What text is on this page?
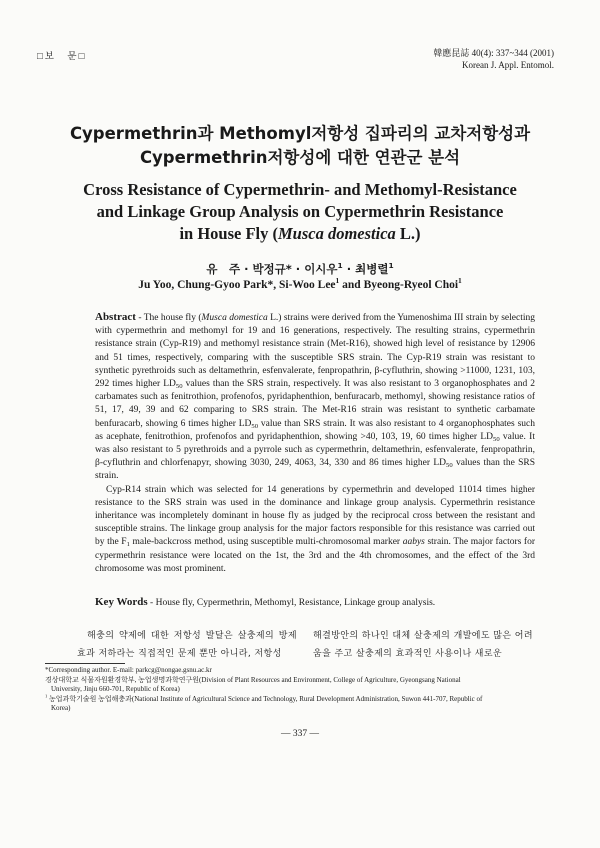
□보　문□	韓應昆誌 40(4): 337~344 (2001)
Korean J. Appl. Entomol.
Cypermethrin과 Methomyl저항성 집파리의 교차저항성과
Cypermethrin저항성에 대한 연관군 분석
Cross Resistance of Cypermethrin- and Methomyl-Resistance
and Linkage Group Analysis on Cypermethrin Resistance
in House Fly (Musca domestica L.)
유　주 · 박정규* · 이시우$^1$ · 최병렬$^1$
Ju Yoo, Chung-Gyoo Park*, Si-Woo Lee$^1$ and Byeong-Ryeol Choi$^1$

Abstract - The house fly (Musca domestica L.) strains were derived from the Yumenoshima III strain by selecting with cypermethrin and methomyl for 19 and 16 generations, respectively. The resulting strains, cypermethrin resistance strain (Cyp-R19) and methomyl resistance strain (Met-R16), showed high level of resistance by 12906 and 51 times, respectively, comparing with the susceptible SRS strain. The Cyp-R19 strain was resistant to synthetic pyrethroids such as deltamethrin, esfenvalerate, fenpropathrin, β-cyfluthrin, showing >11000, 1231, 103, 292 times higher $LD_{50}$ values than the SRS strain, respectively. It was also resistant to 3 organophosphates and 2 carbamates such as fenitrothion, profenofos, pyridaphenthion, benfuracarb, methomyl, showing resistance ratios of 51, 17, 49, 39 and 62 comparing to SRS strain. The Met-R16 strain was resistant to synthetic carbamate benfuracarb, showing 6 times higher $LD_{50}$ value than SRS strain. It was also resistant to 4 organophosphates such as acephate, fenitrothion, profenofos and pyridaphenthion, showing >40, 103, 19, 60 times higher $LD_{50}$ value. It was also resistant to 5 pyrethroids and a pyrrole such as cypermethrin, deltamethrin, esfenvalerate, fenpropathrin, β-cyfluthrin and chlorfenapyr, showing 3030, 249, 4063, 34, 330 and 86 times higher $LD_{50}$ values than the SRS strain.

Cyp-R14 strain which was selected for 14 generations by cypermethrin and developed 11014 times higher resistance to the SRS strain was used in the dominance and linkage group analysis. Cypermethrin resistance inheritance was incompletely dominant in house fly as judged by the reciprocal cross between the resistant and susceptible strains. The linkage group analysis for the major factors responsible for this resistance was carried out by the $F_1$ male-backcross method, using susceptible multi-chromosomal marker aabys strain. The major factors for cypermethrin resistance were located on the 1st, the 3rd and the 4th chromosomes, and the effect of the 3rd chromosome was most prominent.

Key Words - House fly, Cypermethrin, Methomyl, Resistance, Linkage group analysis.
해충의 약제에 대한 저항성 발달은 살충제의 방제 효과 저하라는 직접적인 문제 뿐만 아니라, 저항성
해결방안의 하나인 대체 살충제의 개발에도 많은 어려움을 주고 살충제의 효과적인 사용이나 새로운

*Corresponding author. E-mail: parkcg@nongae.gsnu.ac.kr

경상대학교 식물자원환경학부, 농업생명과학연구원(Division of Plant Resources and Environment, College of Agriculture, Gyeongsang National
University, Jinju 660-701, Republic of Korea)

$^1$ 농업과학기술원 농업해충과(National Institute of Agricultural Science and Technology, Rural Development Administration, Suwon 441-707, Republic of
Korea)

— 337 —
